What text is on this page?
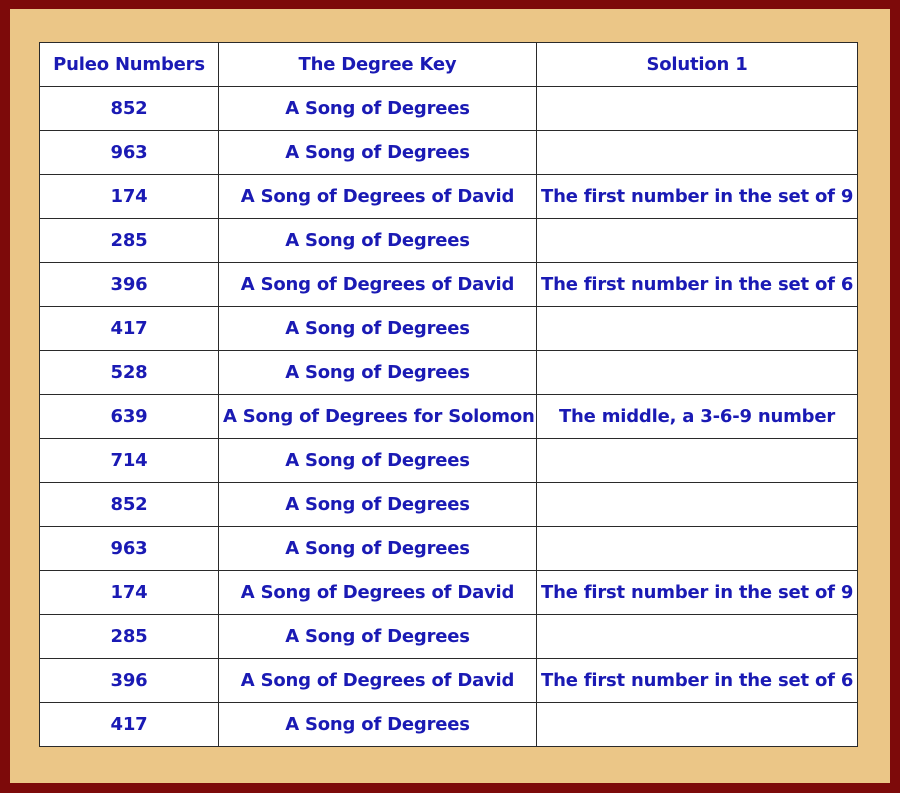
Puleo Numbers	The Degree Key	Solution 1
852	A Song of Degrees	
963	A Song of Degrees	
174	A Song of Degrees of David	The first number in the set of 9
285	A Song of Degrees	
396	A Song of Degrees of David	The first number in the set of 6
417	A Song of Degrees	
528	A Song of Degrees	
639	A Song of Degrees for Solomon	The middle, a 3-6-9 number
714	A Song of Degrees	
852	A Song of Degrees	
963	A Song of Degrees	
174	A Song of Degrees of David	The first number in the set of 9
285	A Song of Degrees	
396	A Song of Degrees of David	The first number in the set of 6
417	A Song of Degrees	
